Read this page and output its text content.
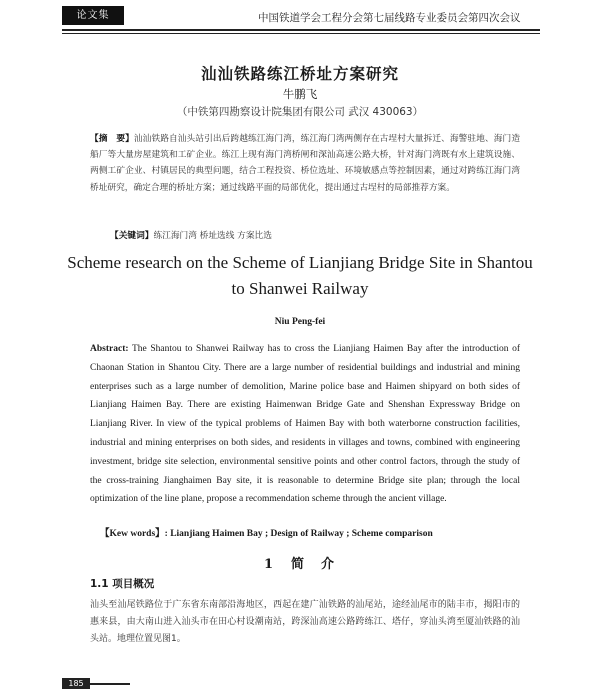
论文集	中国铁道学会工程分会第七届线路专业委员会第四次会议
汕汕铁路练江桥址方案研究
牛鹏飞
（中铁第四勘察设计院集团有限公司 武汉 430063）
【摘　要】汕汕铁路自汕头站引出后跨越练江海门湾，练江海门湾两侧存在古埕村大量拆迁、海警驻地、海门造船厂等大量房屋建筑和工矿企业。练江上现有海门湾桥闸和深汕高速公路大桥，针对海门湾既有水上建筑设施、两侧工矿企业、村镇居民的典型问题，结合工程投资、桥位选址、环境敏感点等控制因素，通过对跨练江海门湾桥址研究，确定合理的桥址方案；通过线路平面的局部优化，提出通过古埕村的局部推荐方案。
【关键词】练江海门湾 桥址选线 方案比选
Scheme research on the Scheme of Lianjiang Bridge Site in Shantou
to Shanwei Railway
Niu Peng-fei
Abstract: The Shantou to Shanwei Railway has to cross the Lianjiang Haimen Bay after the introduction of Chaonan Station in Shantou City. There are a large number of residential buildings and industrial and mining enterprises such as a large number of demolition, Marine police base and Haimen shipyard on both sides of Lianjiang Haimen Bay. There are existing Haimenwan Bridge Gate and Shenshan Expressway Bridge on Lianjiang River. In view of the typical problems of Haimen Bay with both waterborne construction facilities, industrial and mining enterprises on both sides, and residents in villages and towns, combined with engineering investment, bridge site selection, environmental sensitive points and other control factors, through the study of the cross-training Jianghaimen Bay site, it is reasonable to determine Bridge site plan; through the local optimization of the line plane, propose a recommendation scheme through the ancient village.
【Kew words】: Lianjiang Haimen Bay ; Design of Railway ; Scheme comparison
1 简　介
1.1 项目概况
汕头至汕尾铁路位于广东省东南部沿海地区，西起在建广汕铁路的汕尾站，途经汕尾市的陆丰市，揭阳市的惠来县，由大南山进入汕头市在田心村设潮南站，跨深汕高速公路跨练江、塔仔，穿汕头湾至厦汕铁路的汕头站。地理位置见图1。
185
